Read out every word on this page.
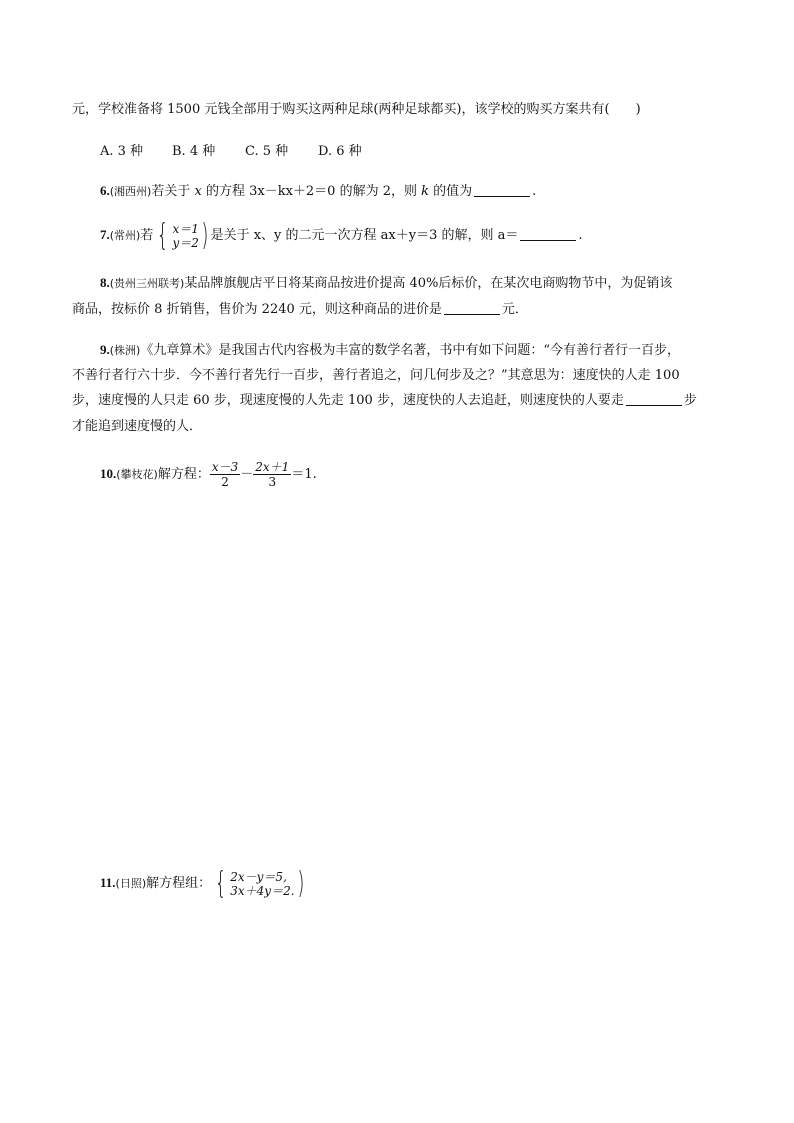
元，学校准备将 1500 元钱全部用于购买这两种足球(两种足球都买)，该学校的购买方案共有(　　)
A. 3 种 B. 4 种 C. 5 种 D. 6 种
6.(湘西州)若关于 x 的方程 3x－kx＋2＝0 的解为 2，则 k 的值为	.
7.(常州)若 { x＝1
y＝2 ) 是关于 x、y 的二元一次方程 ax＋y＝3 的解，则 a＝	.
8.(贵州三州联考)某品牌旗舰店平日将某商品按进价提高 40%后标价，在某次电商购物节中，为促销该
商品，按标价 8 折销售，售价为 2240 元，则这种商品的进价是	元．
9.(株洲)《九章算术》是我国古代内容极为丰富的数学名著，书中有如下问题：“今有善行者行一百步，
不善行者行六十步．今不善行者先行一百步，善行者追之，问几何步及之？”其意思为：速度快的人走 100
步，速度慢的人只走 60 步，现速度慢的人先走 100 步，速度快的人去追赶，则速度快的人要走	步
才能追到速度慢的人．
10.(攀枝花)解方程： $\frac{x-3}{2} - \frac{2x+1}{3} =1$.
11.(日照)解方程组： { 2x－y＝5,
3x＋4y＝2. )
